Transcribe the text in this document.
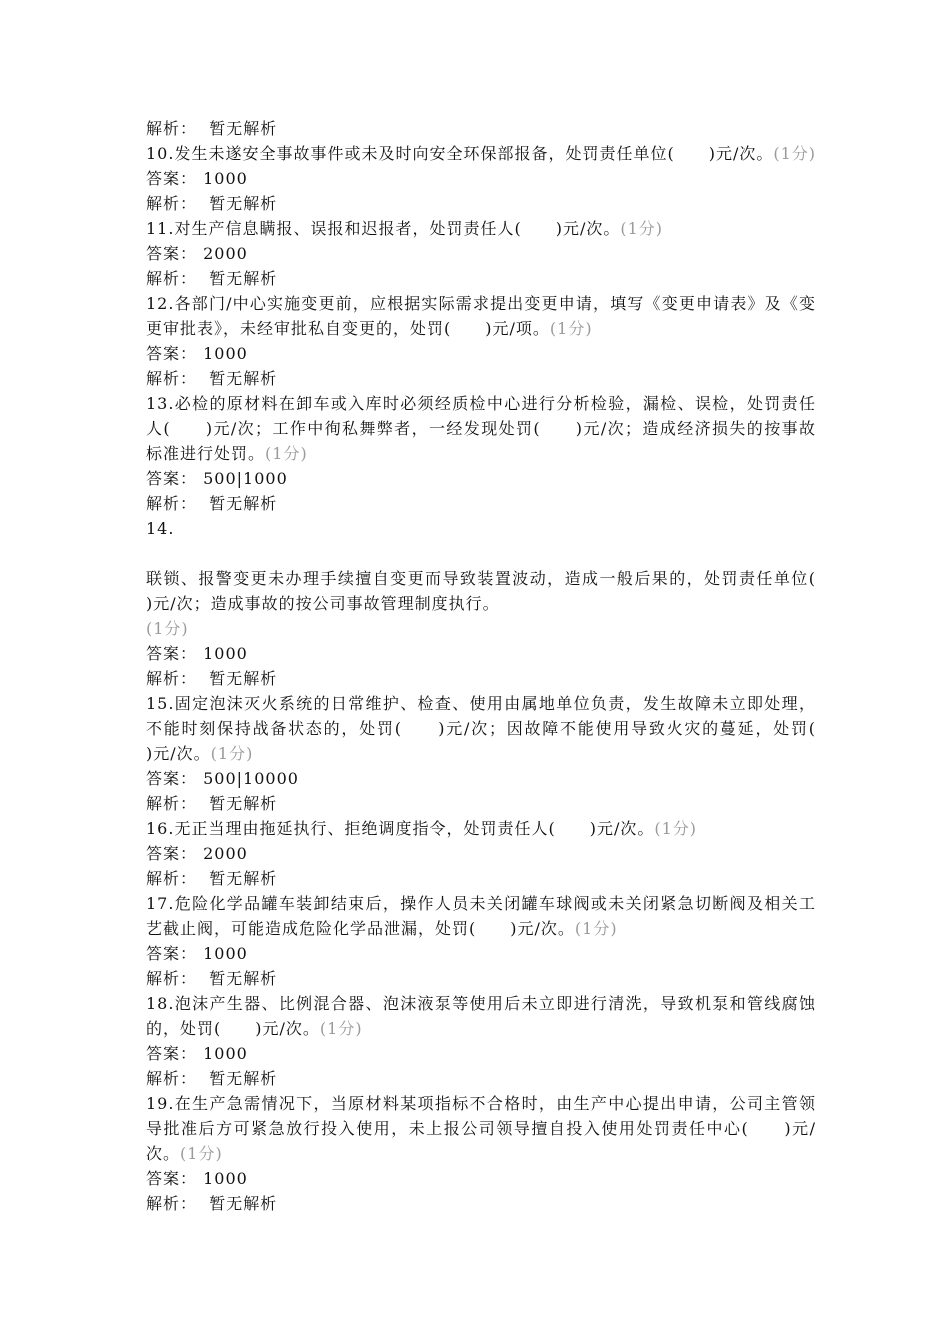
解析： 暂无解析
10.发生未遂安全事故事件或未及时向安全环保部报备，处罚责任单位(　　)元/次。(1分)
答案： 1000
解析： 暂无解析
11.对生产信息瞒报、误报和迟报者，处罚责任人(　　)元/次。(1分)
答案： 2000
解析： 暂无解析
12.各部门/中心实施变更前，应根据实际需求提出变更申请，填写《变更申请表》及《变更审批表》，未经审批私自变更的，处罚(　　)元/项。(1分)
答案： 1000
解析： 暂无解析
13.必检的原材料在卸车或入库时必须经质检中心进行分析检验，漏检、误检，处罚责任人(　　)元/次；工作中徇私舞弊者，一经发现处罚(　　)元/次；造成经济损失的按事故标准进行处罚。(1分)
答案： 500|1000
解析： 暂无解析
14.
联锁、报警变更未办理手续擅自变更而导致装置波动，造成一般后果的，处罚责任单位(　　)元/次；造成事故的按公司事故管理制度执行。
(1分)
答案： 1000
解析： 暂无解析
15.固定泡沫灭火系统的日常维护、检查、使用由属地单位负责，发生故障未立即处理，不能时刻保持战备状态的，处罚(　　)元/次；因故障不能使用导致火灾的蔓延，处罚(　　)元/次。(1分)
答案： 500|10000
解析： 暂无解析
16.无正当理由拖延执行、拒绝调度指令，处罚责任人(　　)元/次。(1分)
答案： 2000
解析： 暂无解析
17.危险化学品罐车装卸结束后，操作人员未关闭罐车球阀或未关闭紧急切断阀及相关工艺截止阀，可能造成危险化学品泄漏，处罚(　　)元/次。(1分)
答案： 1000
解析： 暂无解析
18.泡沫产生器、比例混合器、泡沫液泵等使用后未立即进行清洗，导致机泵和管线腐蚀的，处罚(　　)元/次。(1分)
答案： 1000
解析： 暂无解析
19.在生产急需情况下，当原材料某项指标不合格时，由生产中心提出申请，公司主管领导批准后方可紧急放行投入使用，未上报公司领导擅自投入使用处罚责任中心(　　)元/次。(1分)
答案： 1000
解析： 暂无解析
